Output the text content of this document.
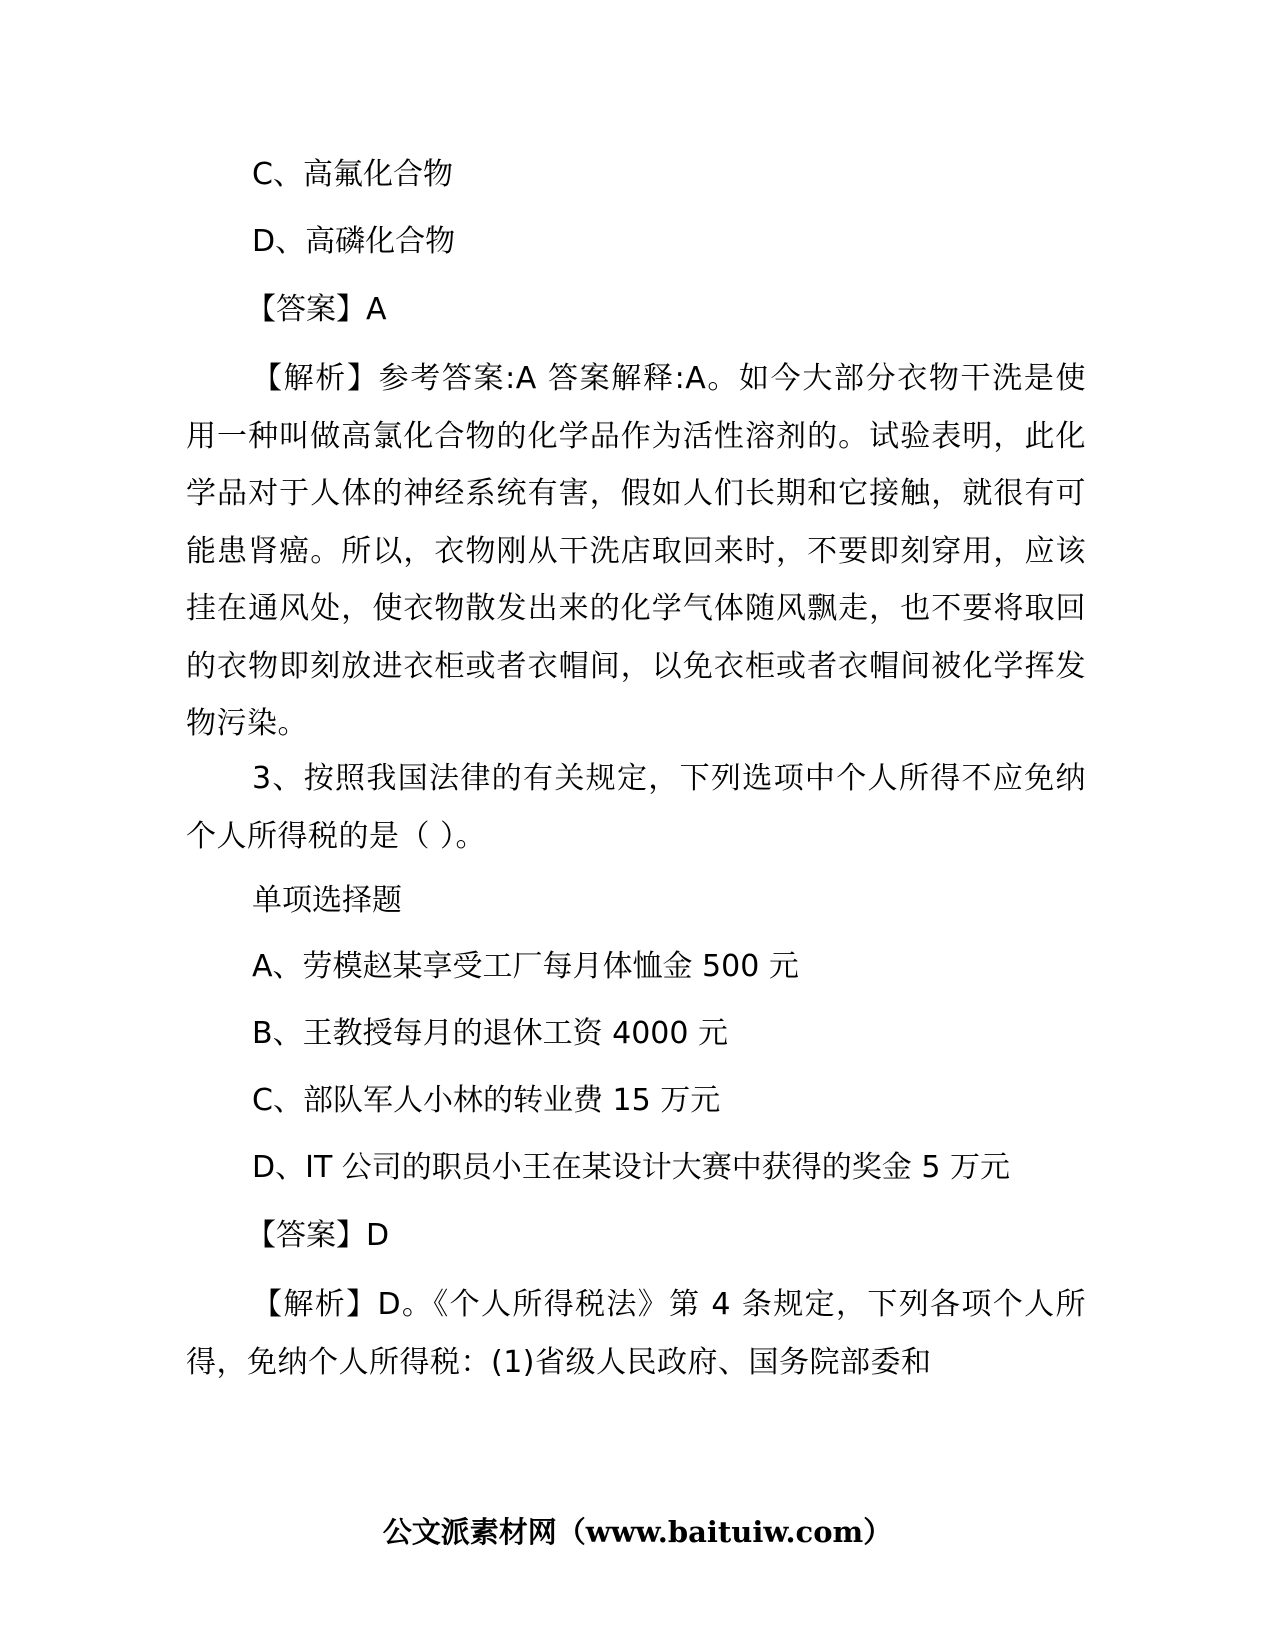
C、高氟化合物
D、高磷化合物
【答案】A
【解析】参考答案:A 答案解释:A。如今大部分衣物干洗是使用一种叫做高氯化合物的化学品作为活性溶剂的。试验表明，此化学品对于人体的神经系统有害，假如人们长期和它接触，就很有可能患肾癌。所以，衣物刚从干洗店取回来时，不要即刻穿用，应该挂在通风处，使衣物散发出来的化学气体随风飘走，也不要将取回的衣物即刻放进衣柜或者衣帽间，以免衣柜或者衣帽间被化学挥发物污染。
3、按照我国法律的有关规定，下列选项中个人所得不应免纳个人所得税的是（ ）。
单项选择题
A、劳模赵某享受工厂每月体恤金 500 元
B、王教授每月的退休工资 4000 元
C、部队军人小林的转业费 15 万元
D、IT 公司的职员小王在某设计大赛中获得的奖金 5 万元
【答案】D
【解析】D。《个人所得税法》第 4 条规定，下列各项个人所得，免纳个人所得税：(1)省级人民政府、国务院部委和
公文派素材网（www.baituiw.com）
